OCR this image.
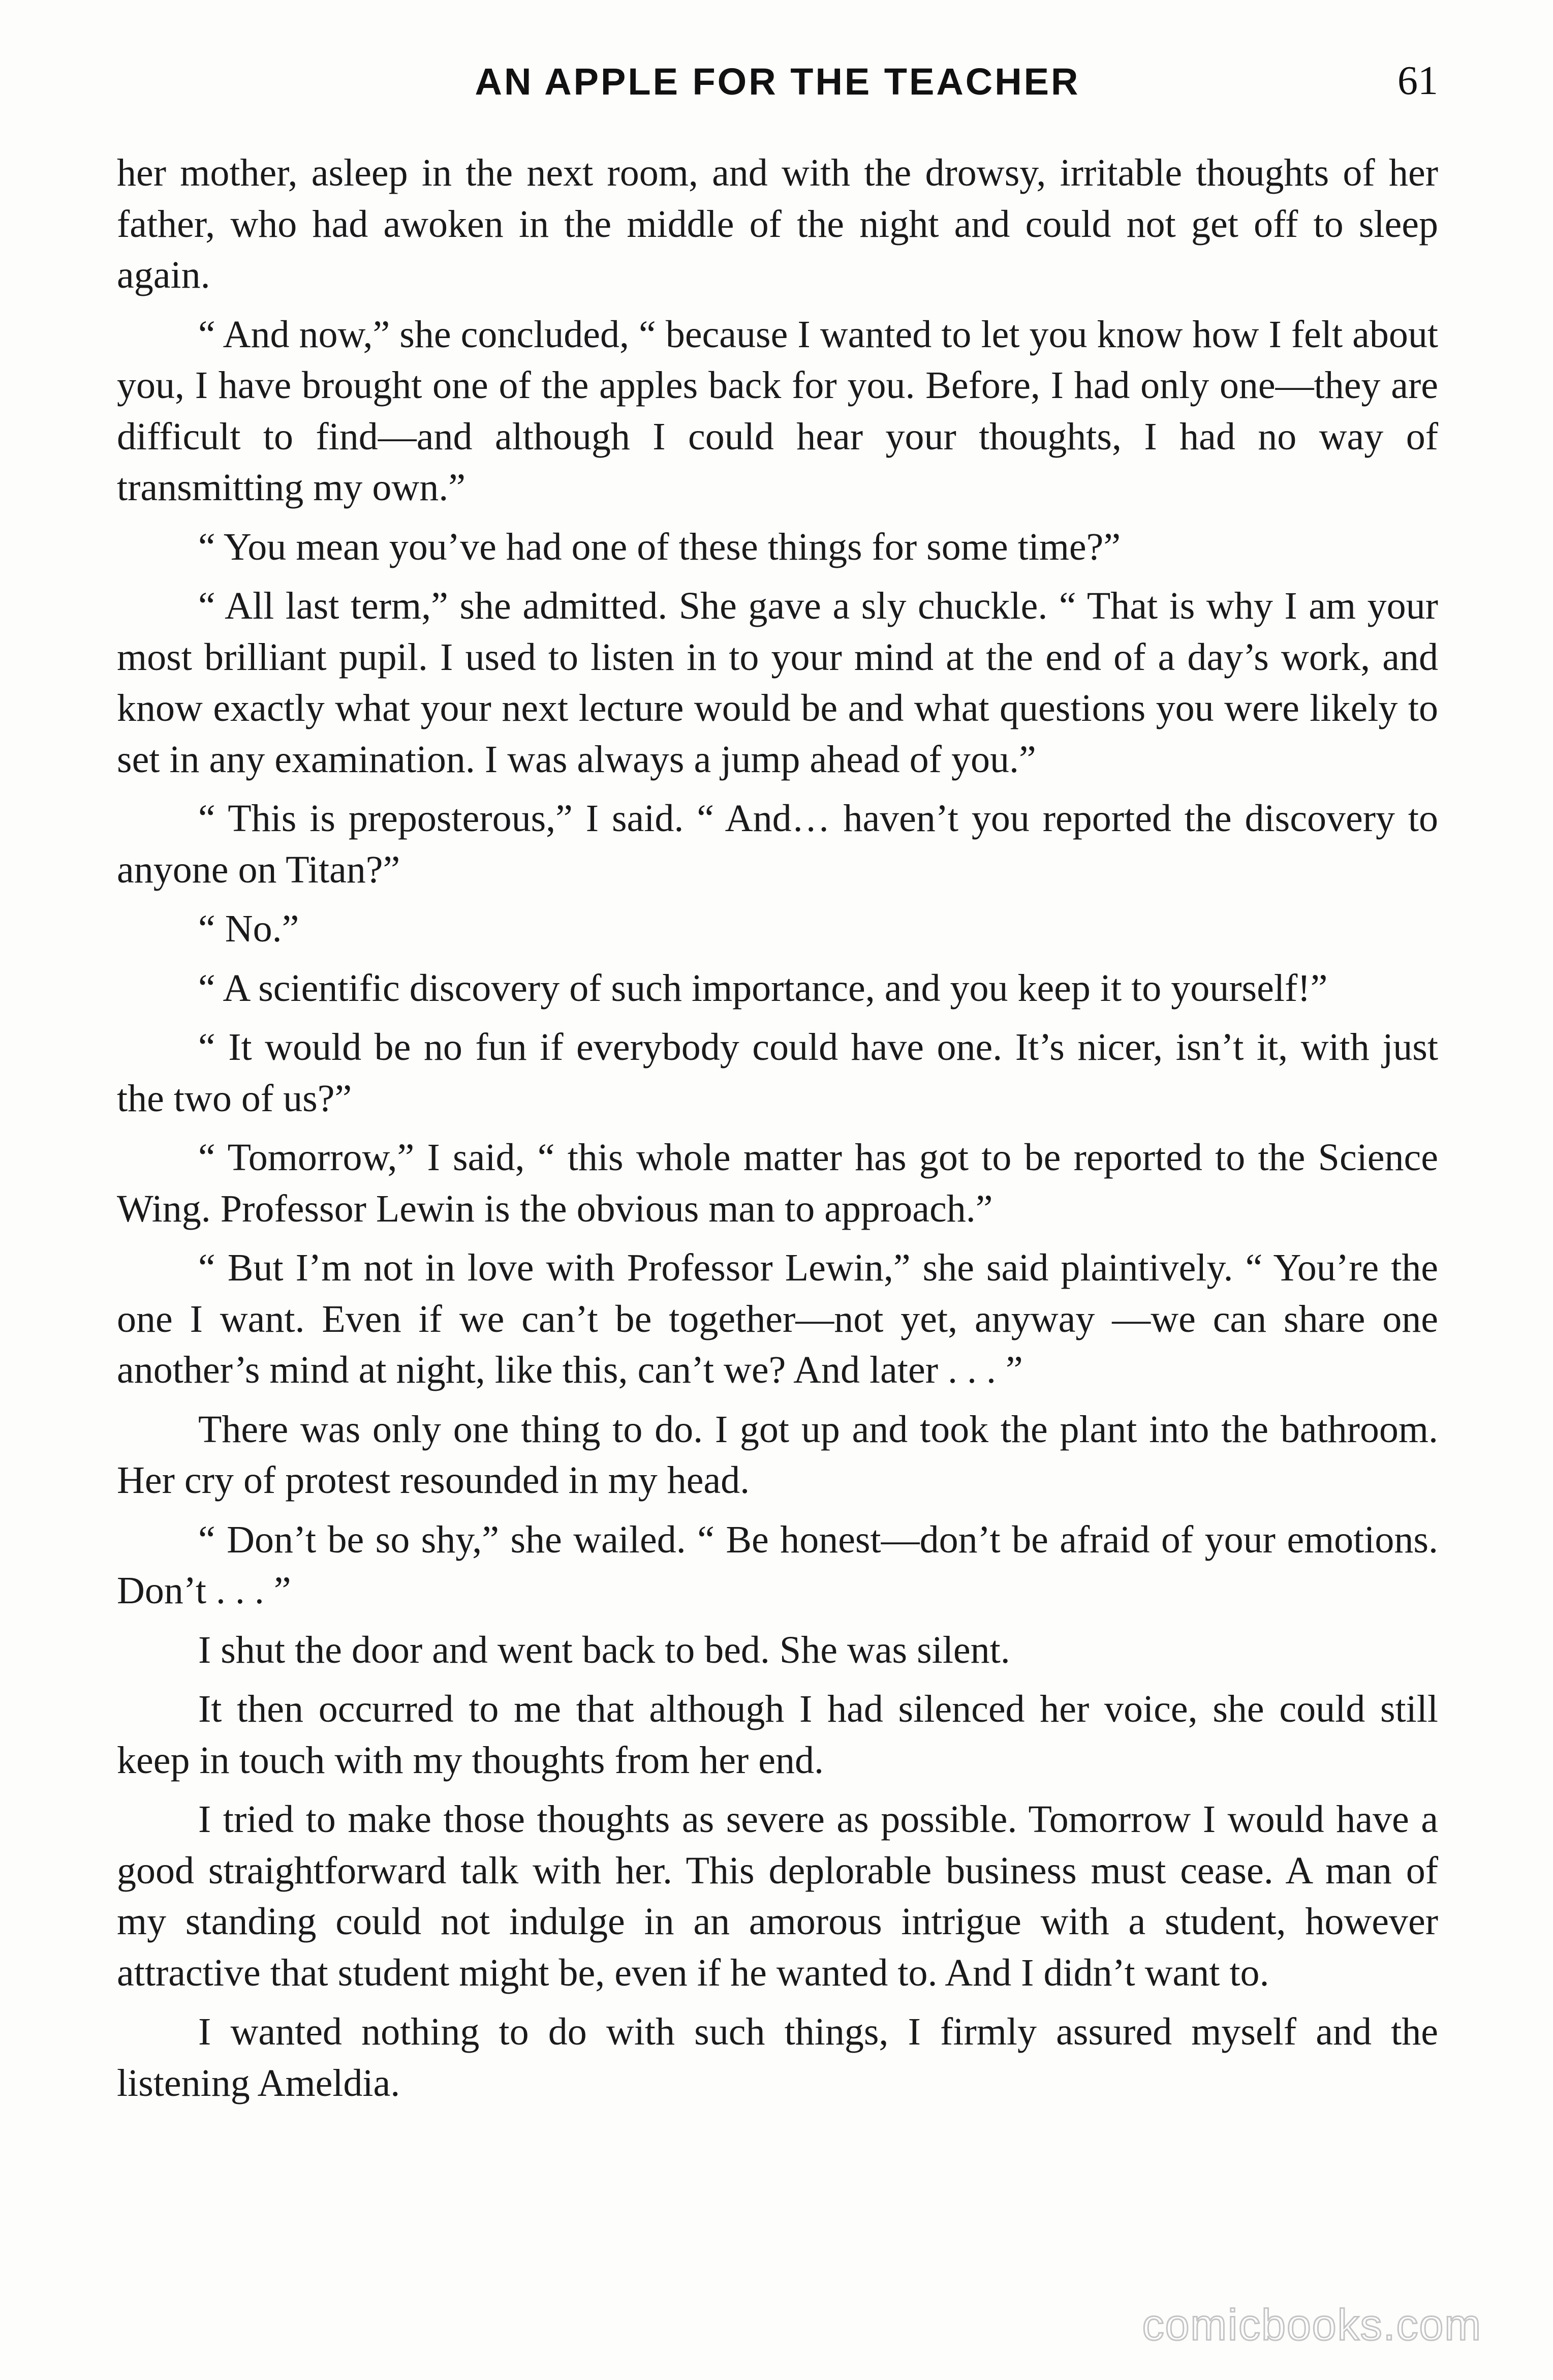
AN APPLE FOR THE TEACHER	61

her mother, asleep in the next room, and with the drowsy, irritable thoughts of her father, who had awoken in the middle of the night and could not get off to sleep again.

“ And now,” she concluded, “ because I wanted to let you know how I felt about you, I have brought one of the apples back for you. Before, I had only one—they are difficult to find—and although I could hear your thoughts, I had no way of transmitting my own.”

“ You mean you’ve had one of these things for some time?”

“ All last term,” she admitted. She gave a sly chuckle. “ That is why I am your most brilliant pupil. I used to listen in to your mind at the end of a day’s work, and know exactly what your next lecture would be and what questions you were likely to set in any examination. I was always a jump ahead of you.”

“ This is preposterous,” I said. “ And… haven’t you reported the discovery to anyone on Titan?”

“ No.”

“ A scientific discovery of such importance, and you keep it to yourself!”

“ It would be no fun if everybody could have one. It’s nicer, isn’t it, with just the two of us?”

“ Tomorrow,” I said, “ this whole matter has got to be reported to the Science Wing. Professor Lewin is the obvious man to approach.”

“ But I’m not in love with Professor Lewin,” she said plaintively. “ You’re the one I want. Even if we can’t be together—not yet, anyway —we can share one another’s mind at night, like this, can’t we? And later . . . ”

There was only one thing to do. I got up and took the plant into the bathroom. Her cry of protest resounded in my head.

“ Don’t be so shy,” she wailed. “ Be honest—don’t be afraid of your emotions. Don’t . . . ”

I shut the door and went back to bed. She was silent.

It then occurred to me that although I had silenced her voice, she could still keep in touch with my thoughts from her end.

I tried to make those thoughts as severe as possible. Tomorrow I would have a good straightforward talk with her. This deplorable business must cease. A man of my standing could not indulge in an amorous intrigue with a student, however attractive that student might be, even if he wanted to. And I didn’t want to.

I wanted nothing to do with such things, I firmly assured myself and the listening Ameldia.

comicbooks.com
